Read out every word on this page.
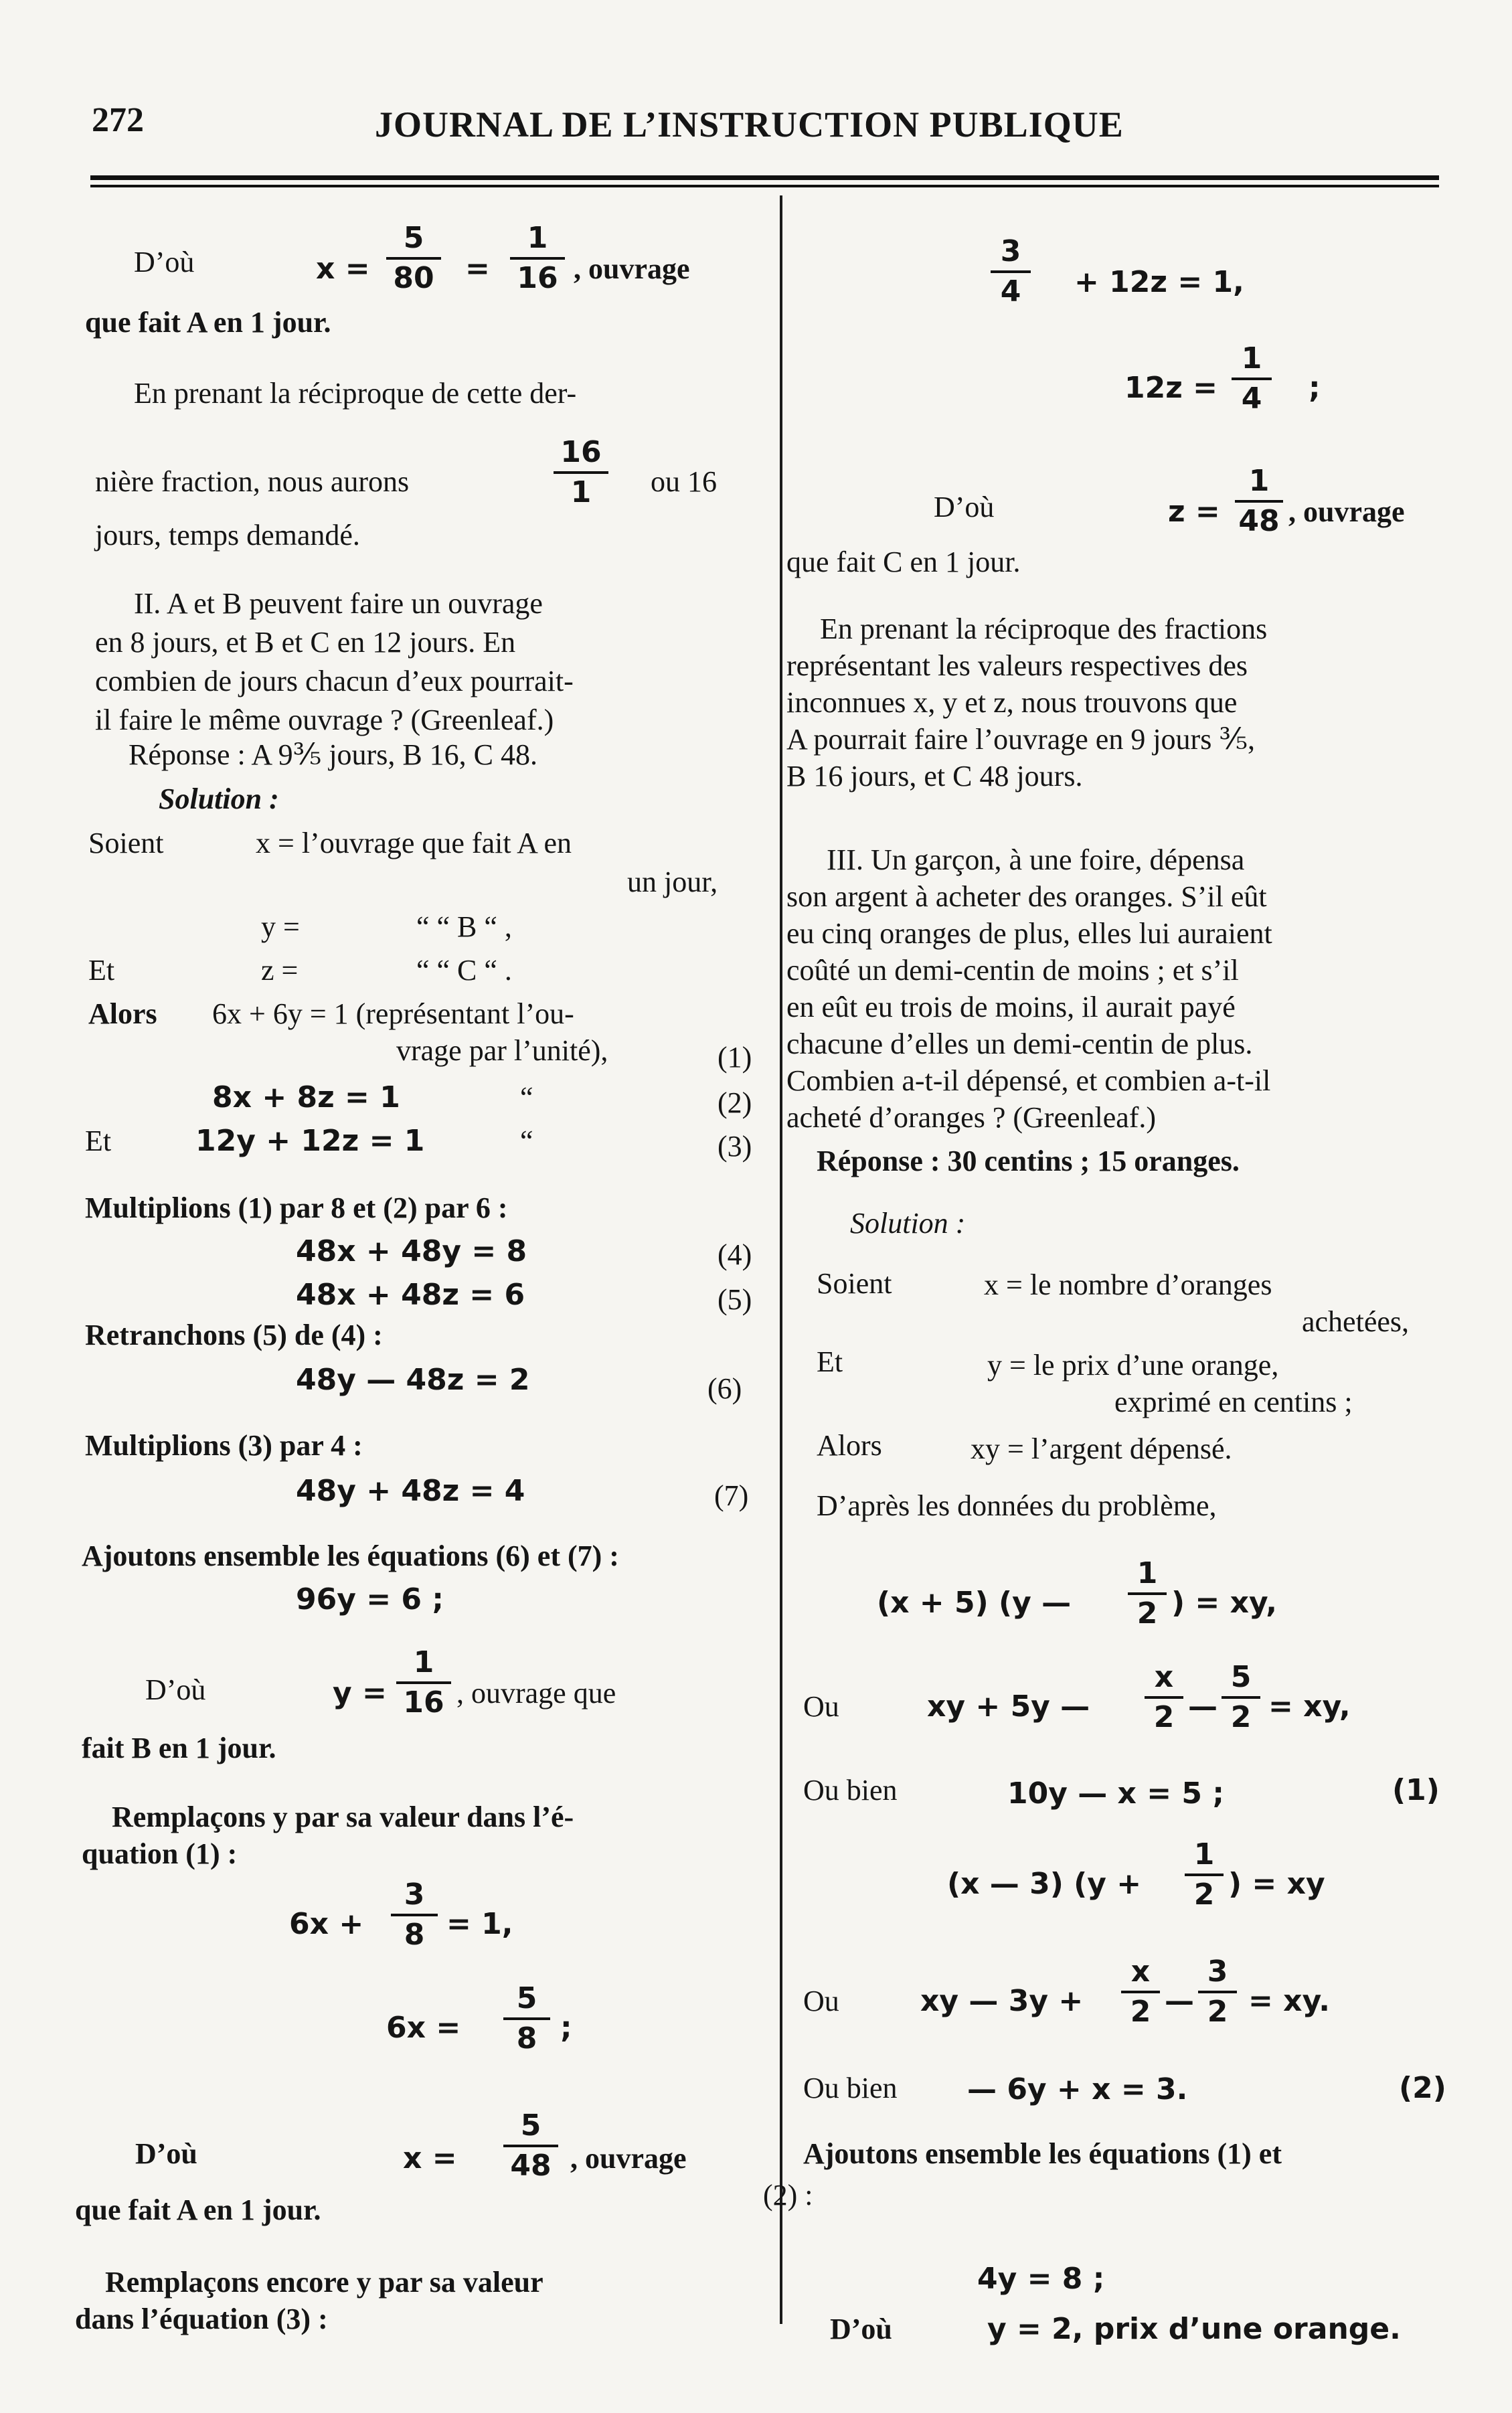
272	JOURNAL DE L’INSTRUCTION PUBLIQUE
D’où	x =
5
80 =
1
16 , ouvrage
que fait A en 1 jour.
En prenant la réciproque de cette der-
nière fraction, nous aurons
16
1	ou 16
jours, temps demandé.
II. A et B peuvent faire un ouvrage
en 8 jours, et B et C en 12 jours. En
combien de jours chacun d’eux pourrait-
il faire le même ouvrage ? (Greenleaf.)
Réponse : A 9⅗ jours, B 16, C 48.
Solution :
Soient	x = l’ouvrage que fait A en
un jour,
y =	“ “ B “ ,
Et	z =	“ “ C “ .
Alors 6x + 6y = 1 (représentant l’ou-
vrage par l’unité),	(1)
8x + 8z = 1	“	(2)
Et	12y + 12z = 1	“	(3)
Multiplions (1) par 8 et (2) par 6 :
48x + 48y = 8	(4)
48x + 48z = 6	(5)
Retranchons (5) de (4) :
48y — 48z = 2	(6)
Multiplions (3) par 4 :
48y + 48z = 4	(7)
Ajoutons ensemble les équations (6) et (7) :
96y = 6 ;
D’où	y =
1
16 , ouvrage que
fait B en 1 jour.
Remplaçons y par sa valeur dans l’é-
quation (1) :
6x +
3
8 = 1,
6x =
5
8 ;
D’où	x =
5
48 , ouvrage
que fait A en 1 jour.
Remplaçons encore y par sa valeur
dans l’équation (3) :
3
4	+ 12z = 1,
12z =
1
4	;
D’où	z =
1
48 , ouvrage
que fait C en 1 jour.
En prenant la réciproque des fractions
représentant les valeurs respectives des
inconnues x, y et z, nous trouvons que
A pourrait faire l’ouvrage en 9 jours ⅗,
B 16 jours, et C 48 jours.
III. Un garçon, à une foire, dépensa
son argent à acheter des oranges. S’il eût
eu cinq oranges de plus, elles lui auraient
coûté un demi-centin de moins ; et s’il
en eût eu trois de moins, il aurait payé
chacune d’elles un demi-centin de plus.
Combien a-t-il dépensé, et combien a-t-il
acheté d’oranges ? (Greenleaf.)
Réponse : 30 centins ; 15 oranges.
Solution :
Soient	x = le nombre d’oranges
achetées,
Et	y = le prix d’une orange,
exprimé en centins ;
Alors	xy = l’argent dépensé.
D’après les données du problème,
(x + 5) (y —
1
2 ) = xy,
Ou	xy + 5y —
x
2 —
5
2 = xy,
Ou bien	10y — x = 5 ;	(1)
(x — 3) (y +
1
2 ) = xy
Ou	xy — 3y +
x
2 —
3
2 = xy.
Ou bien — 6y + x = 3.	(2)
Ajoutons ensemble les équations (1) et
(2) :
4y = 8 ;
D’où	y = 2, prix d’une orange.
